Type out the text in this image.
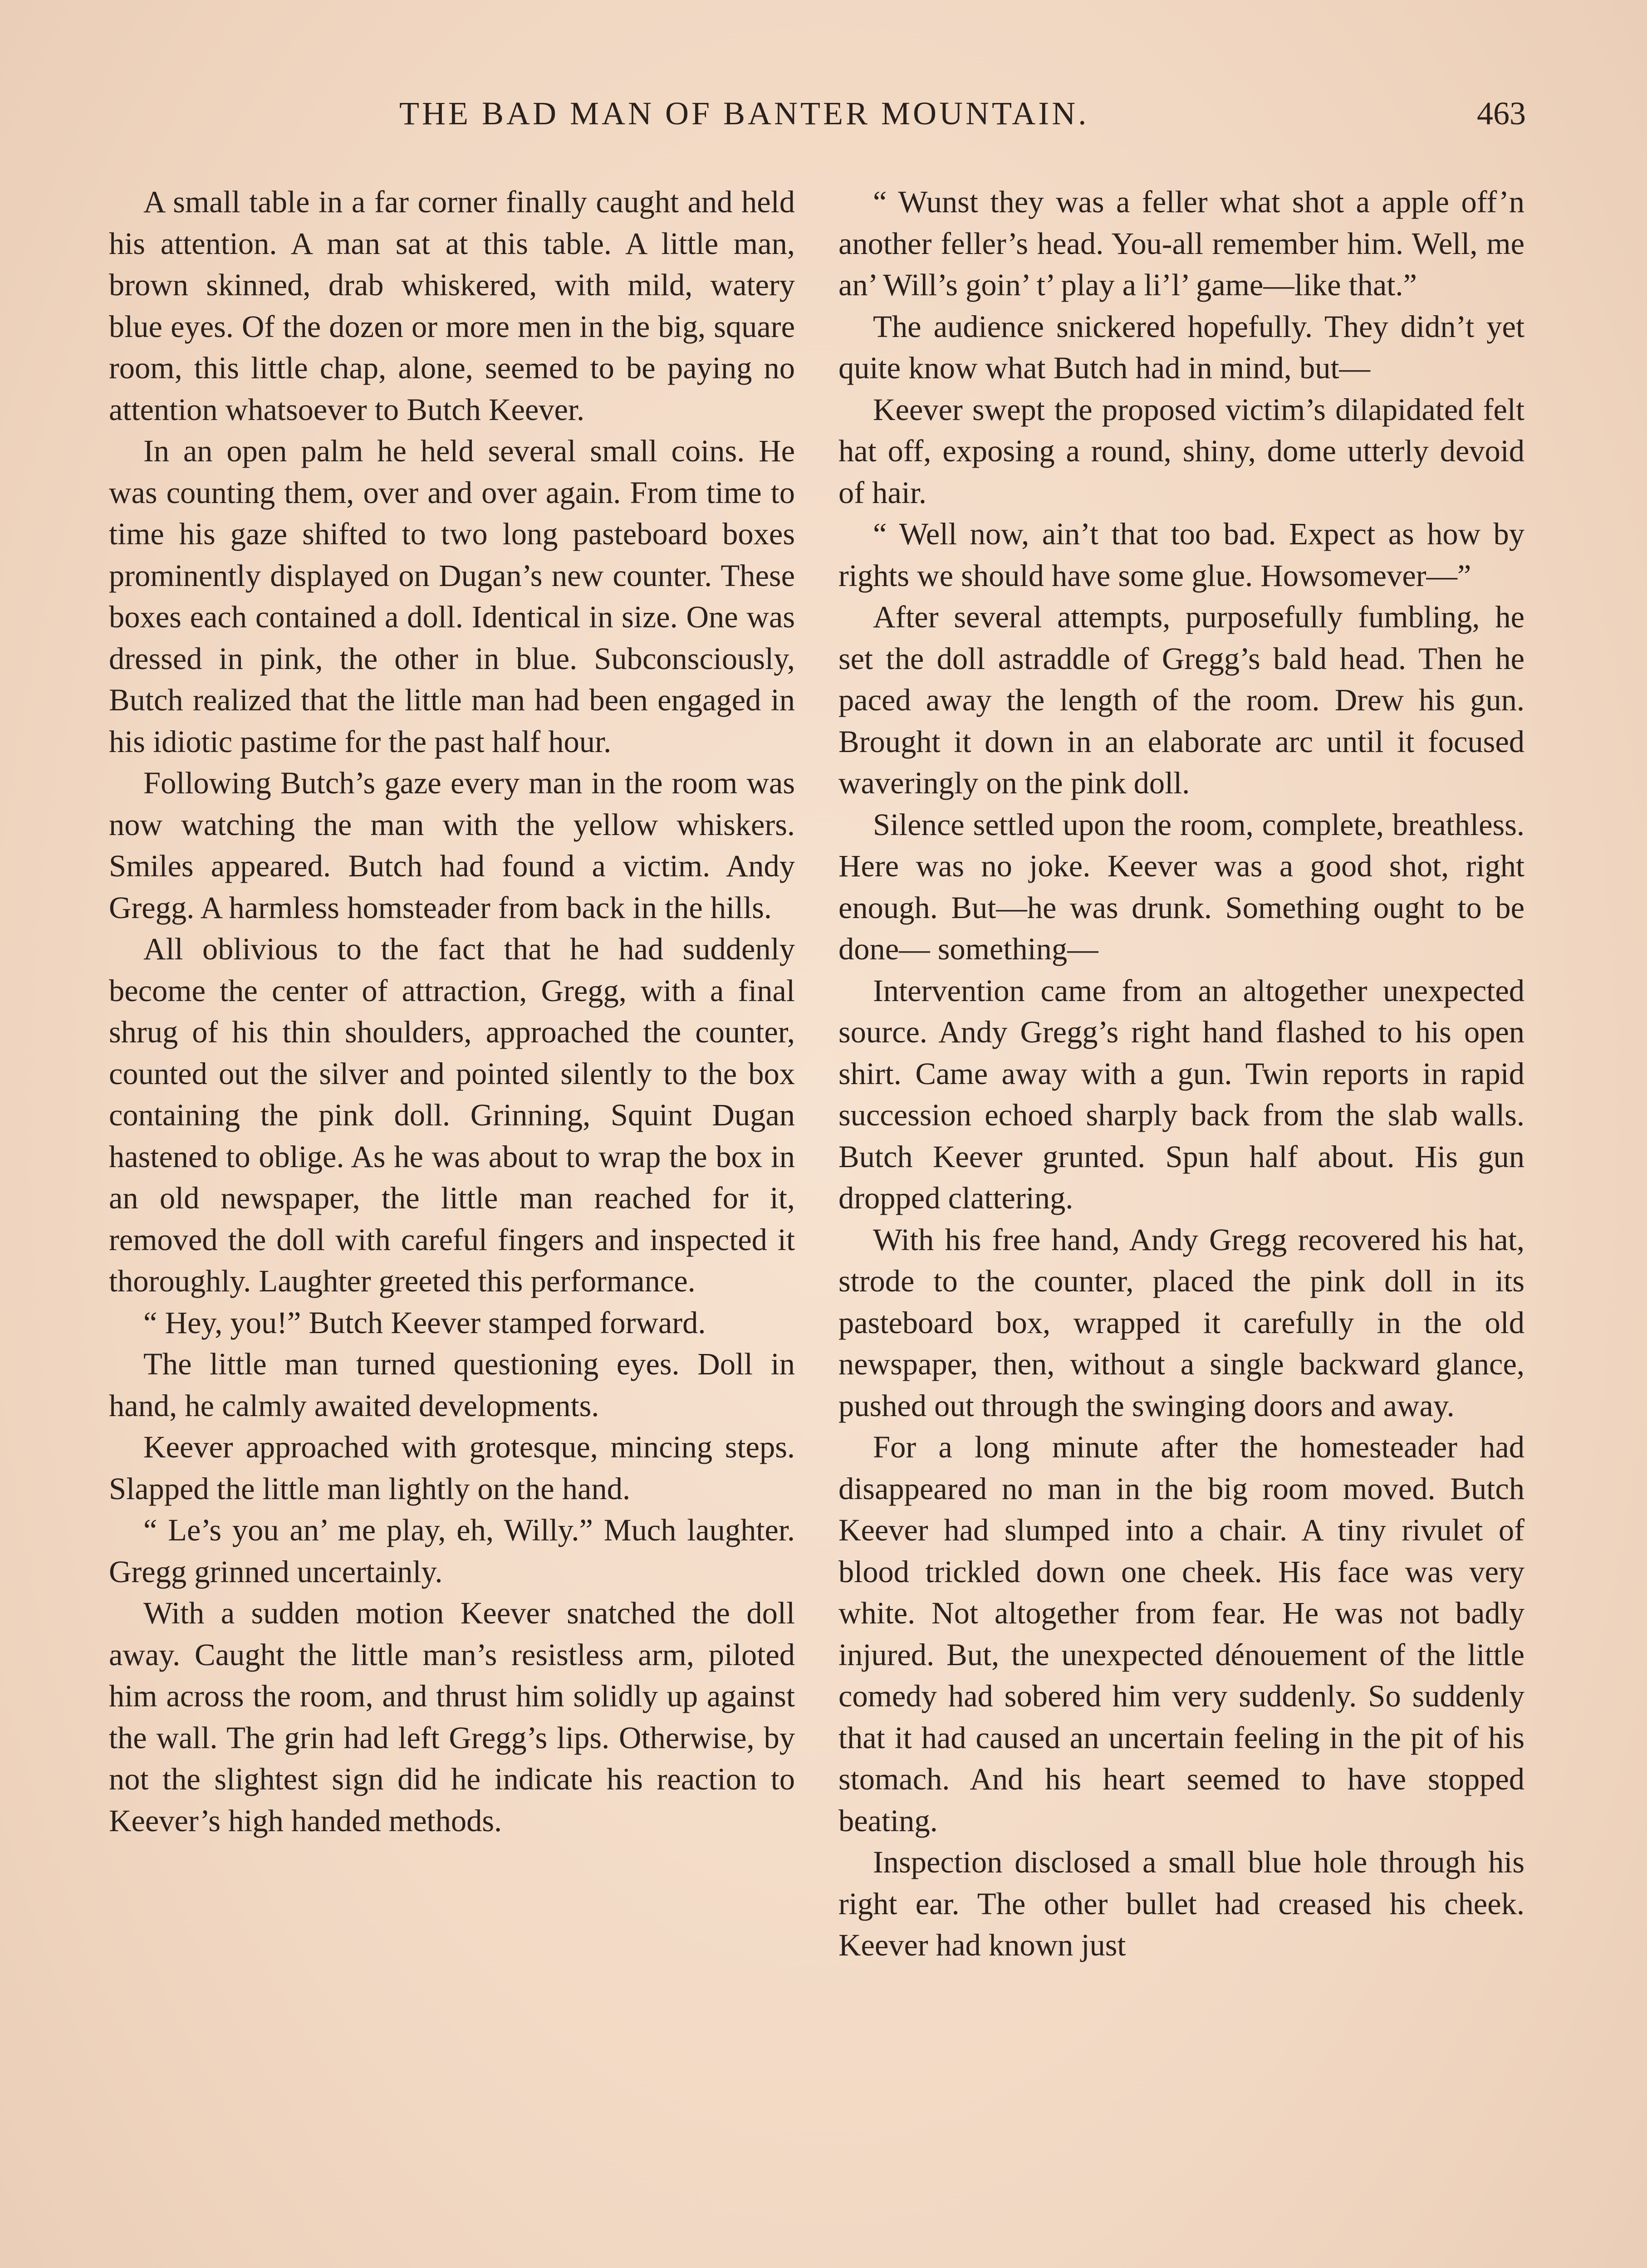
THE BAD MAN OF BANTER MOUNTAIN.	463

A small table in a far corner finally caught and held his attention. A man sat at this table. A little man, brown skinned, drab whiskered, with mild, watery blue eyes. Of the dozen or more men in the big, square room, this little chap, alone, seemed to be paying no attention whatsoever to Butch Keever.

In an open palm he held several small coins. He was counting them, over and over again. From time to time his gaze shifted to two long pasteboard boxes prominently displayed on Dugan’s new counter. These boxes each contained a doll. Identical in size. One was dressed in pink, the other in blue. Subconsciously, Butch realized that the little man had been engaged in his idiotic pastime for the past half hour.

Following Butch’s gaze every man in the room was now watching the man with the yellow whiskers. Smiles appeared. Butch had found a victim. Andy Gregg. A harmless homsteader from back in the hills.

All oblivious to the fact that he had suddenly become the center of attraction, Gregg, with a final shrug of his thin shoulders, approached the counter, counted out the silver and pointed silently to the box containing the pink doll. Grinning, Squint Dugan hastened to oblige. As he was about to wrap the box in an old newspaper, the little man reached for it, removed the doll with careful fingers and inspected it thoroughly. Laughter greeted this performance.

“ Hey, you!” Butch Keever stamped forward.

The little man turned questioning eyes. Doll in hand, he calmly awaited developments.

Keever approached with grotesque, mincing steps. Slapped the little man lightly on the hand.

“ Le’s you an’ me play, eh, Willy.” Much laughter. Gregg grinned uncertainly.

With a sudden motion Keever snatched the doll away. Caught the little man’s resistless arm, piloted him across the room, and thrust him solidly up against the wall. The grin had left Gregg’s lips. Otherwise, by not the slightest sign did he indicate his reaction to Keever’s high handed methods.

“ Wunst they was a feller what shot a apple off’n another feller’s head. You-all remember him. Well, me an’ Will’s goin’ t’ play a li’l’ game—like that.”

The audience snickered hopefully. They didn’t yet quite know what Butch had in mind, but—

Keever swept the proposed victim’s dilapidated felt hat off, exposing a round, shiny, dome utterly devoid of hair.

“ Well now, ain’t that too bad. Expect as how by rights we should have some glue. Howsomever—”

After several attempts, purposefully fumbling, he set the doll astraddle of Gregg’s bald head. Then he paced away the length of the room. Drew his gun. Brought it down in an elaborate arc until it focused waveringly on the pink doll.

Silence settled upon the room, complete, breathless. Here was no joke. Keever was a good shot, right enough. But—he was drunk. Something ought to be done— something—

Intervention came from an altogether unexpected source. Andy Gregg’s right hand flashed to his open shirt. Came away with a gun. Twin reports in rapid succession echoed sharply back from the slab walls. Butch Keever grunted. Spun half about. His gun dropped clattering.

With his free hand, Andy Gregg recovered his hat, strode to the counter, placed the pink doll in its pasteboard box, wrapped it carefully in the old newspaper, then, without a single backward glance, pushed out through the swinging doors and away.

For a long minute after the homesteader had disappeared no man in the big room moved. Butch Keever had slumped into a chair. A tiny rivulet of blood trickled down one cheek. His face was very white. Not altogether from fear. He was not badly injured. But, the unexpected dénouement of the little comedy had sobered him very suddenly. So suddenly that it had caused an uncertain feeling in the pit of his stomach. And his heart seemed to have stopped beating.

Inspection disclosed a small blue hole through his right ear. The other bullet had creased his cheek. Keever had known just
